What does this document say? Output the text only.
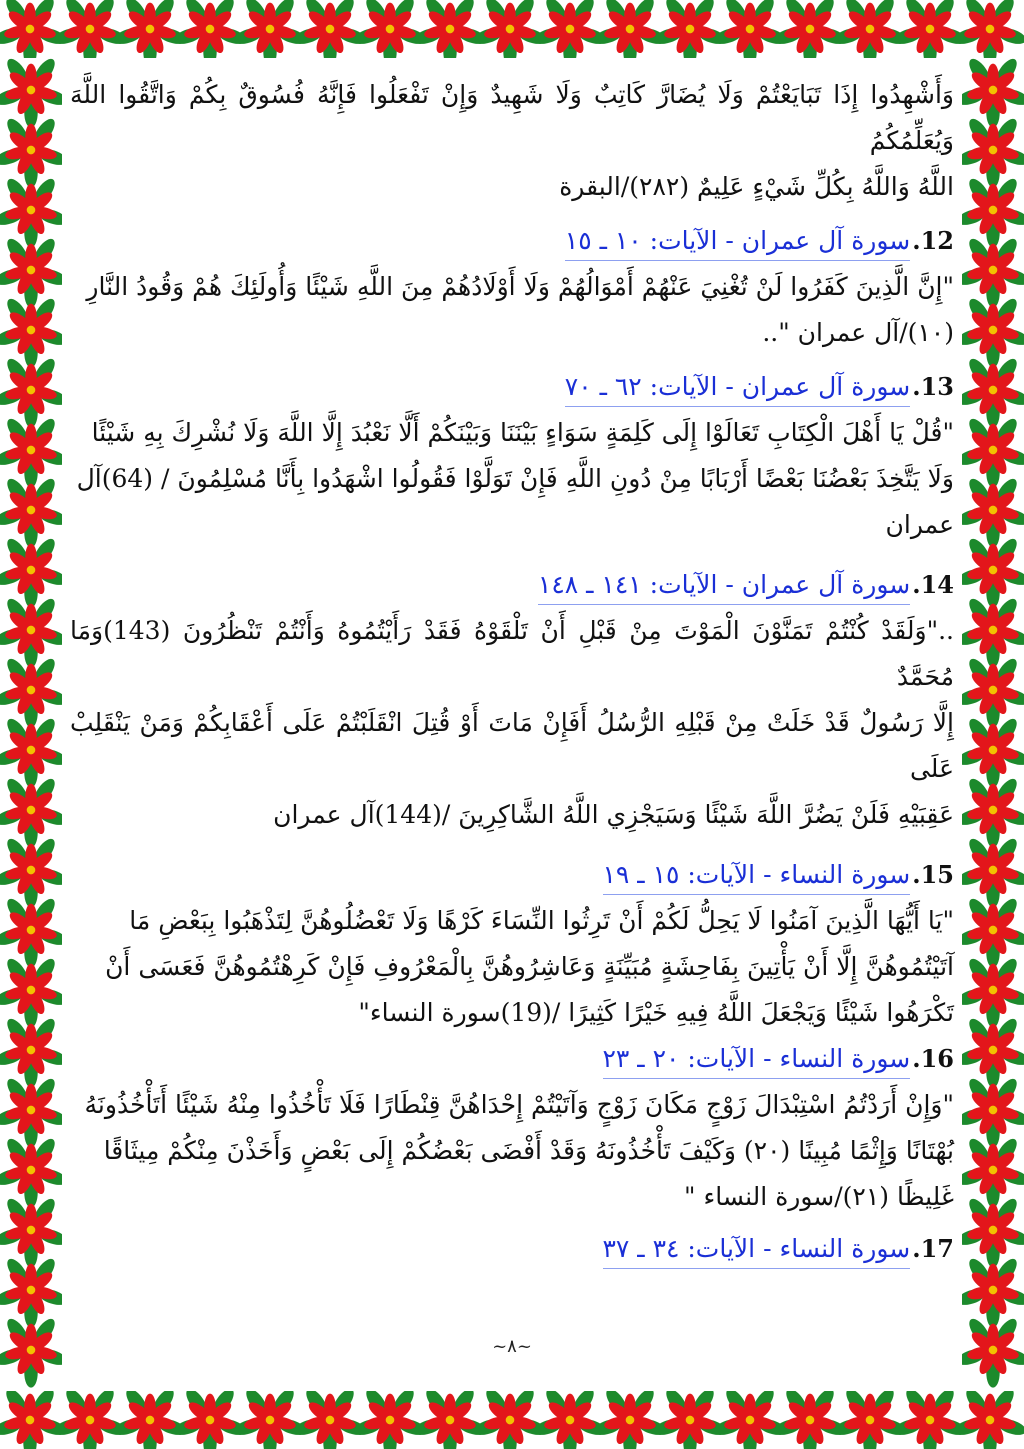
وَأَشْهِدُوا إِذَا تَبَايَعْتُمْ وَلَا يُضَارَّ كَاتِبٌ وَلَا شَهِيدٌ وَإِنْ تَفْعَلُوا فَإِنَّهُ فُسُوقٌ بِكُمْ وَاتَّقُوا اللَّهَ وَيُعَلِّمُكُمُ

اللَّهُ وَاللَّهُ بِكُلِّ شَيْءٍ عَلِيمٌ (٢٨٢)/البقرة

12.
سورة آل عمران - الآيات: ١٠ ـ ١٥

"إِنَّ الَّذِينَ كَفَرُوا لَنْ تُغْنِيَ عَنْهُمْ أَمْوَالُهُمْ وَلَا أَوْلَادُهُمْ مِنَ اللَّهِ شَيْئًا وَأُولَئِكَ هُمْ وَقُودُ النَّارِ

(١٠)/آل عمران "..

13.
سورة آل عمران - الآيات: ٦٢ ـ ٧٠

"قُلْ يَا أَهْلَ الْكِتَابِ تَعَالَوْا إِلَى كَلِمَةٍ سَوَاءٍ بَيْنَنَا وَبَيْنَكُمْ أَلَّا نَعْبُدَ إِلَّا اللَّهَ وَلَا نُشْرِكَ بِهِ شَيْئًا

وَلَا يَتَّخِذَ بَعْضُنَا بَعْضًا أَرْبَابًا مِنْ دُونِ اللَّهِ فَإِنْ تَوَلَّوْا فَقُولُوا اشْهَدُوا بِأَنَّا مُسْلِمُونَ / (64)آل

عمران

14.
سورة آل عمران - الآيات: ١٤١ ـ ١٤٨

.."وَلَقَدْ كُنْتُمْ تَمَنَّوْنَ الْمَوْتَ مِنْ قَبْلِ أَنْ تَلْقَوْهُ فَقَدْ رَأَيْتُمُوهُ وَأَنْتُمْ تَنْظُرُونَ (143)وَمَا مُحَمَّدٌ

إِلَّا رَسُولٌ قَدْ خَلَتْ مِنْ قَبْلِهِ الرُّسُلُ أَفَإِنْ مَاتَ أَوْ قُتِلَ انْقَلَبْتُمْ عَلَى أَعْقَابِكُمْ وَمَنْ يَنْقَلِبْ عَلَى

عَقِبَيْهِ فَلَنْ يَضُرَّ اللَّهَ شَيْئًا وَسَيَجْزِي اللَّهُ الشَّاكِرِينَ /(144)آل عمران

15.
سورة النساء - الآيات: ١٥ ـ ١٩

"يَا أَيُّهَا الَّذِينَ آمَنُوا لَا يَحِلُّ لَكُمْ أَنْ تَرِثُوا النِّسَاءَ كَرْهًا وَلَا تَعْضُلُوهُنَّ لِتَذْهَبُوا بِبَعْضِ مَا

آتَيْتُمُوهُنَّ إِلَّا أَنْ يَأْتِينَ بِفَاحِشَةٍ مُبَيِّنَةٍ وَعَاشِرُوهُنَّ بِالْمَعْرُوفِ فَإِنْ كَرِهْتُمُوهُنَّ فَعَسَى أَنْ

تَكْرَهُوا شَيْئًا وَيَجْعَلَ اللَّهُ فِيهِ خَيْرًا كَثِيرًا /(19)سورة النساء"

16.
سورة النساء - الآيات: ٢٠ ـ ٢٣

"وَإِنْ أَرَدْتُمُ اسْتِبْدَالَ زَوْجٍ مَكَانَ زَوْجٍ وَآتَيْتُمْ إِحْدَاهُنَّ قِنْطَارًا فَلَا تَأْخُذُوا مِنْهُ شَيْئًا أَتَأْخُذُونَهُ

بُهْتَانًا وَإِثْمًا مُبِينًا (٢٠) وَكَيْفَ تَأْخُذُونَهُ وَقَدْ أَفْضَى بَعْضُكُمْ إِلَى بَعْضٍ وَأَخَذْنَ مِنْكُمْ مِيثَاقًا

غَلِيظًا (٢١)/سورة النساء "

17.
سورة النساء - الآيات: ٣٤ ـ ٣٧
~٨~
